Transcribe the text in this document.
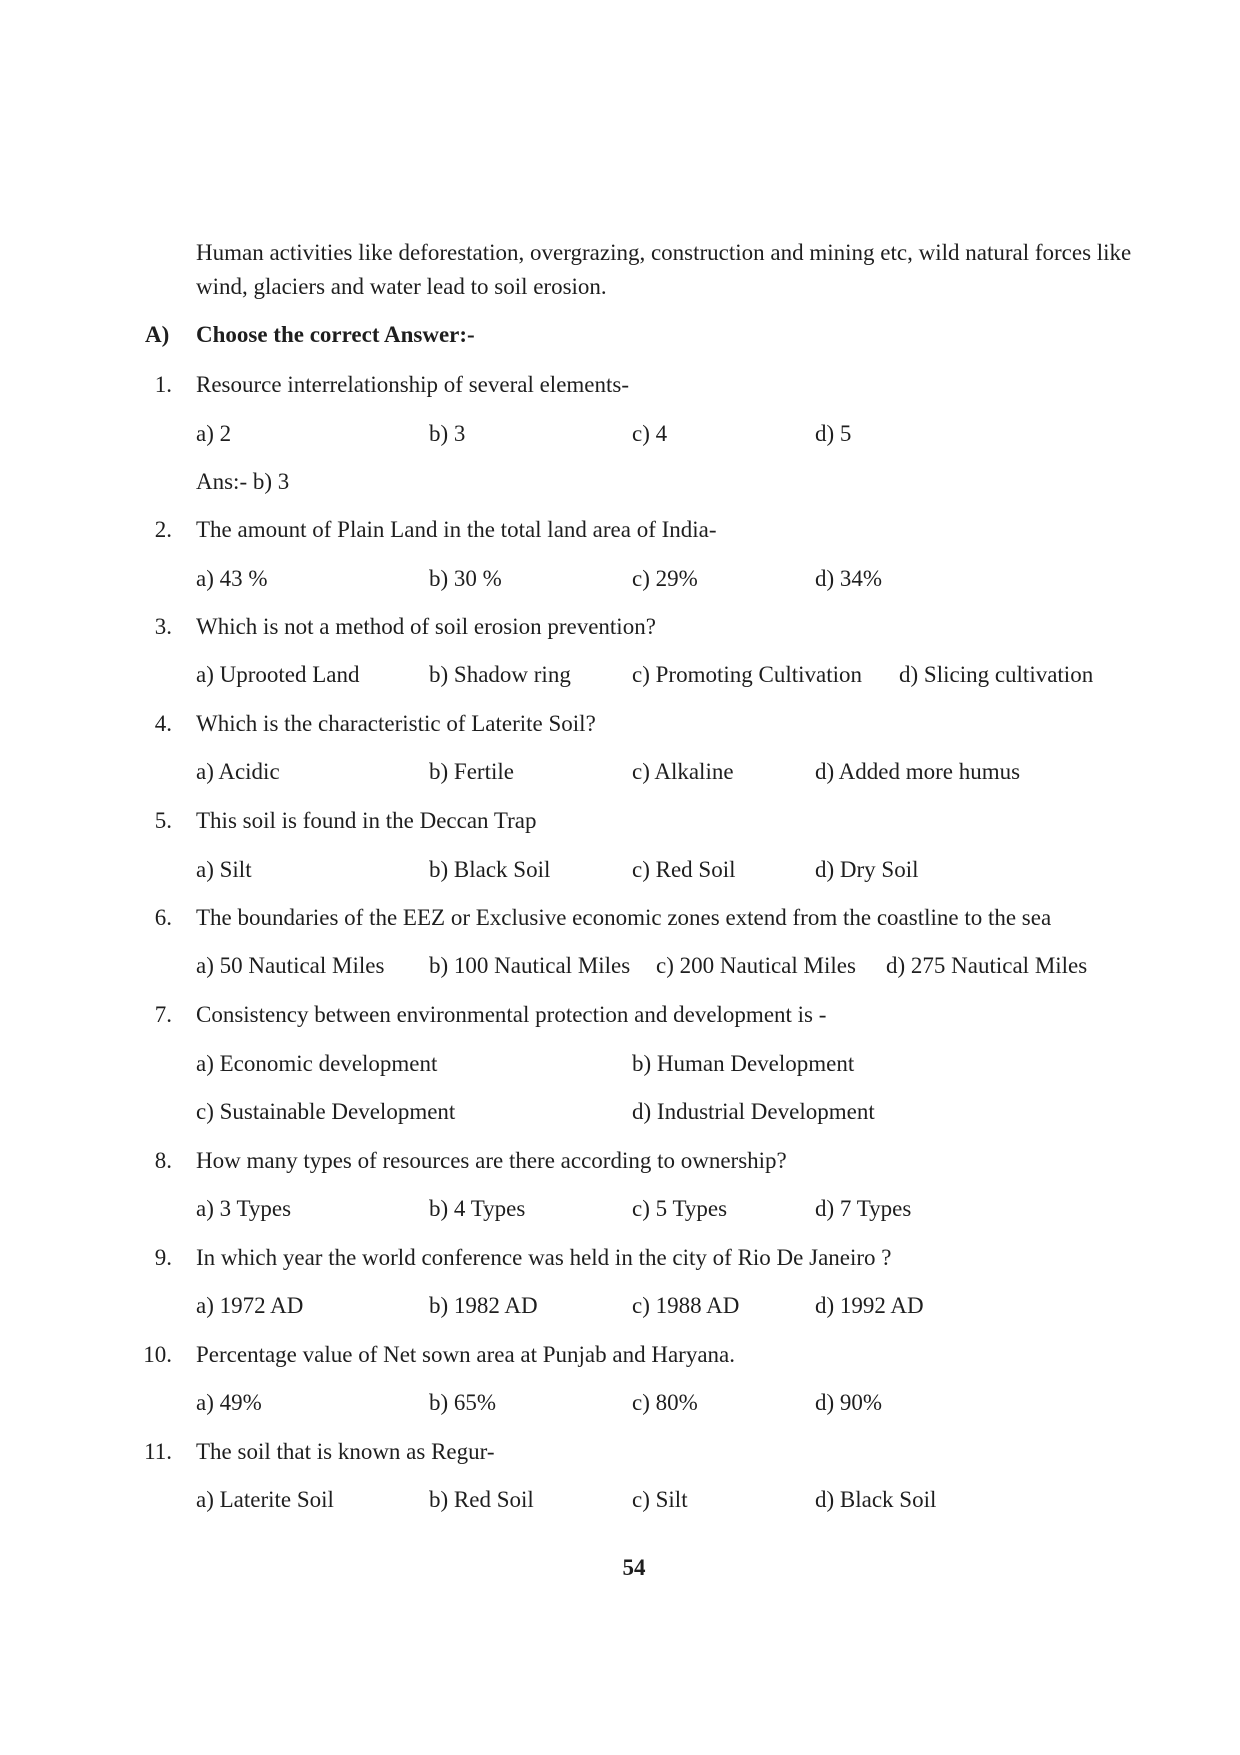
Human activities like deforestation, overgrazing, construction and mining etc, wild natural forces like wind, glaciers and water lead to soil erosion.

A) Choose the correct Answer:-
1. Resource interrelationship of several elements-
a) 2	b) 3	c) 4	d) 5
Ans:- b) 3
2. The amount of Plain Land in the total land area of India-
a) 43 %	b) 30 %	c) 29%	d) 34%
3. Which is not a method of soil erosion prevention?
a) Uprooted Land	b) Shadow ring	c) Promoting Cultivation d) Slicing cultivation
4. Which is the characteristic of Laterite Soil?
a) Acidic	b) Fertile	c) Alkaline	d) Added more humus
5. This soil is found in the Deccan Trap
a) Silt	b) Black Soil	c) Red Soil	d) Dry Soil
6. The boundaries of the EEZ or Exclusive economic zones extend from the coastline to the sea
a) 50 Nautical Miles b) 100 Nautical Miles c) 200 Nautical Miles d) 275 Nautical Miles
7. Consistency between environmental protection and development is -
a) Economic development	b) Human Development
c) Sustainable Development	d) Industrial Development
8. How many types of resources are there according to ownership?
a) 3 Types	b) 4 Types	c) 5 Types	d) 7 Types
9. In which year the world conference was held in the city of Rio De Janeiro ?
a) 1972 AD	b) 1982 AD	c) 1988 AD	d) 1992 AD
10. Percentage value of Net sown area at Punjab and Haryana.
a) 49%	b) 65%	c) 80%	d) 90%
11. The soil that is known as Regur-
a) Laterite Soil	b) Red Soil	c) Silt	d) Black Soil
54
